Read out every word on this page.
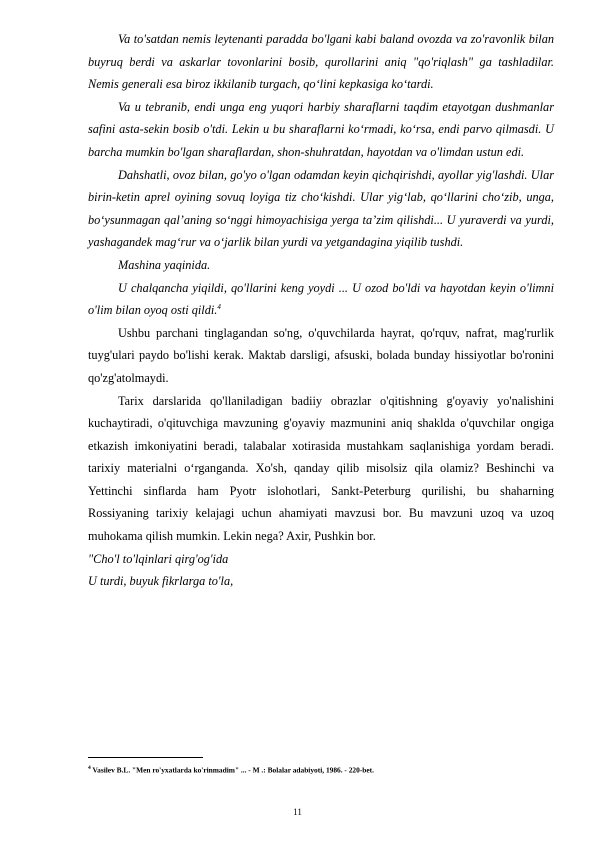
Va to'satdan nemis leytenanti paradda bo'lgani kabi baland ovozda va zo'ravonlik bilan buyruq berdi va askarlar tovonlarini bosib, qurollarini aniq "qo'riqlash" ga tashladilar. Nemis generali esa biroz ikkilanib turgach, qo‘lini kepkasiga ko‘tardi.

Va u tebranib, endi unga eng yuqori harbiy sharaflarni taqdim etayotgan dushmanlar safini asta-sekin bosib o'tdi. Lekin u bu sharaflarni ko‘rmadi, ko‘rsa, endi parvo qilmasdi. U barcha mumkin bo'lgan sharaflardan, shon-shuhratdan, hayotdan va o'limdan ustun edi.

Dahshatli, ovoz bilan, go'yo o'lgan odamdan keyin qichqirishdi, ayollar yig'lashdi. Ular birin-ketin aprel oyining sovuq loyiga tiz cho‘kishdi. Ular yig‘lab, qo‘llarini cho‘zib, unga, bo‘ysunmagan qal’aning so‘nggi himoyachisiga yerga ta’zim qilishdi... U yuraverdi va yurdi, yashagandek mag‘rur va o‘jarlik bilan yurdi va yetgandagina yiqilib tushdi.

Mashina yaqinida.

U chalqancha yiqildi, qo'llarini keng yoydi ... U ozod bo'ldi va hayotdan keyin o'limni o'lim bilan oyoq osti qildi.$^4$

Ushbu parchani tinglagandan so'ng, o'quvchilarda hayrat, qo'rquv, nafrat, mag'rurlik tuyg'ulari paydo bo'lishi kerak. Maktab darsligi, afsuski, bolada bunday hissiyotlar bo'ronini qo'zg'atolmaydi.

Tarix darslarida qo'llaniladigan badiiy obrazlar o'qitishning g'oyaviy yo'nalishini kuchaytiradi, o'qituvchiga mavzuning g'oyaviy mazmunini aniq shaklda o'quvchilar ongiga etkazish imkoniyatini beradi, talabalar xotirasida mustahkam saqlanishiga yordam beradi. tarixiy materialni o‘rganganda. Xo'sh, qanday qilib misolsiz qila olamiz? Beshinchi va Yettinchi sinflarda ham Pyotr islohotlari, Sankt-Peterburg qurilishi, bu shaharning Rossiyaning tarixiy kelajagi uchun ahamiyati mavzusi bor. Bu mavzuni uzoq va uzoq muhokama qilish mumkin. Lekin nega? Axir, Pushkin bor.

"Cho'l to'lqinlari qirg'og'ida

U turdi, buyuk fikrlarga to'la,

$^4$ Vasilev B.L. "Men ro'yxatlarda ko'rinmadim" ... - M .: Bolalar adabiyoti, 1986. - 220-bet.
11
